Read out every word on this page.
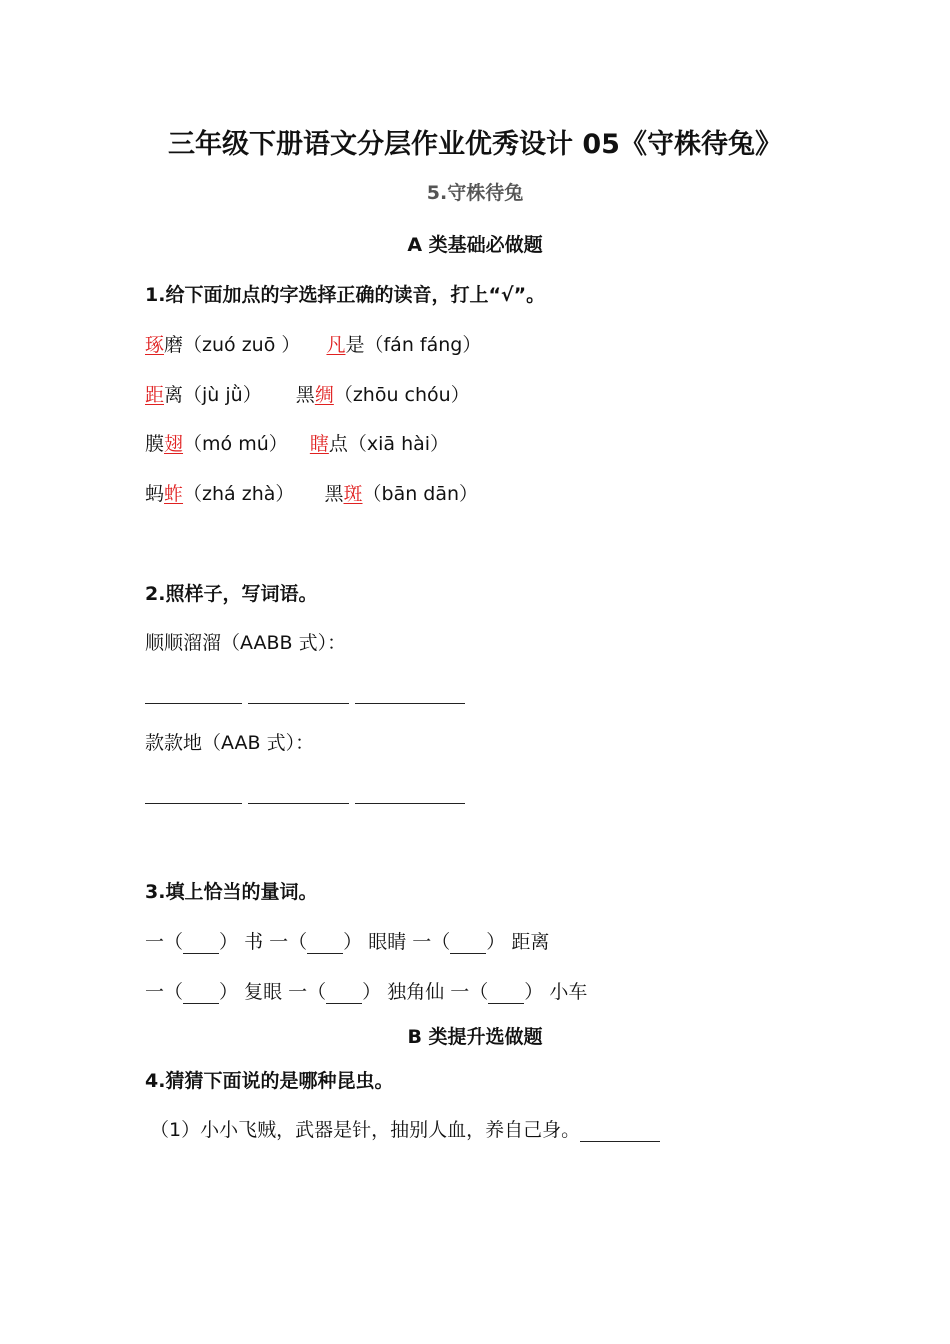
三年级下册语文分层作业优秀设计 05《守株待兔》
5.守株待兔
A 类基础必做题
1.给下面加点的字选择正确的读音，打上“√”。
琢磨（zuó zuō ） 凡是（fán fáng）
距离（jù jǜ） 黑绸（zhōu chóu）
膜翅（mó mú） 瞎点（xiā hài）
蚂蚱（zhá zhà） 黑斑（bān dān）
2.照样子，写词语。
顺顺溜溜（AABB 式）：

款款地（AAB 式）：

3.填上恰当的量词。
一（ ） 书 一（ ） 眼睛 一（ ） 距离
一（ ） 复眼 一（ ） 独角仙 一（ ） 小车
B 类提升选做题
4.猜猜下面说的是哪种昆虫。
（1）小小飞贼，武器是针，抽别人血，养自己身。
